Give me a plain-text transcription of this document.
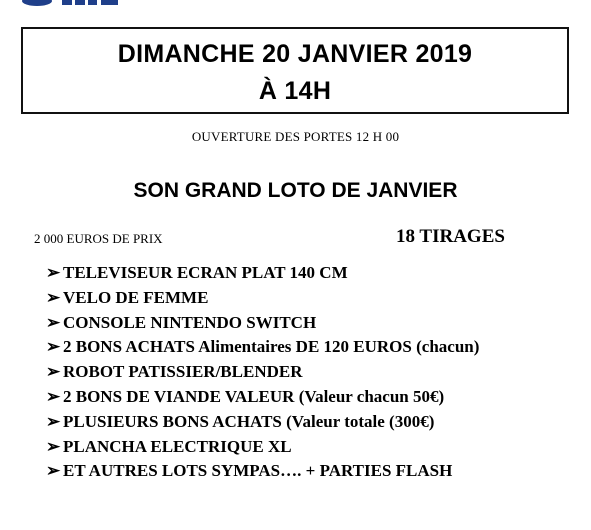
DIMANCHE 20 JANVIER 2019
À 14H
OUVERTURE DES PORTES 12 H 00
SON GRAND LOTO DE JANVIER
2 000 EUROS DE PRIX	18 TIRAGES
➢ TELEVISEUR ECRAN PLAT 140 CM
➢ VELO DE FEMME
➢ CONSOLE NINTENDO SWITCH
➢ 2 BONS ACHATS Alimentaires DE 120 EUROS (chacun)
➢ ROBOT PATISSIER/BLENDER
➢ 2 BONS DE VIANDE VALEUR (Valeur chacun 50€)
➢ PLUSIEURS BONS ACHATS (Valeur totale (300€)
➢ PLANCHA ELECTRIQUE XL
➢ ET AUTRES LOTS SYMPAS…. + PARTIES FLASH
